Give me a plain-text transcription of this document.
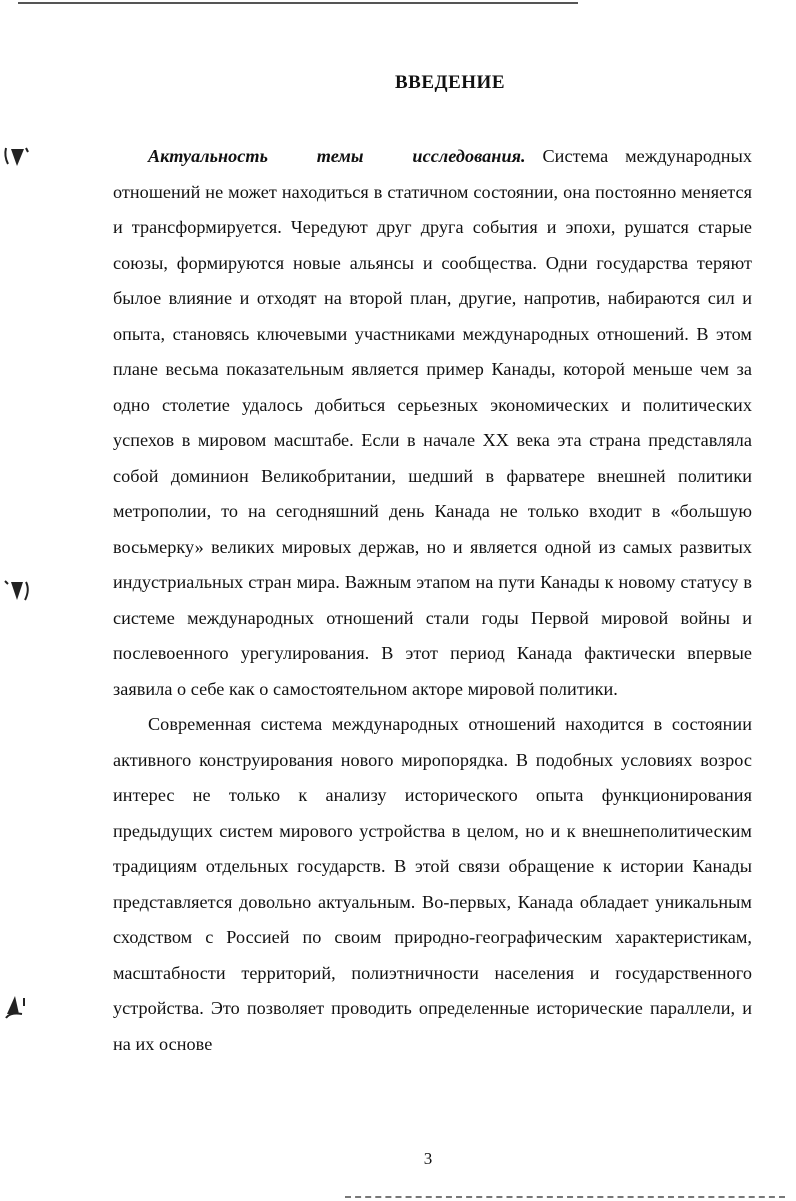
ВВЕДЕНИЕ

Актуальность темы исследования. Система международных отношений не может находиться в статичном состоянии, она постоянно меняется и трансформируется. Чередуют друг друга события и эпохи, рушатся старые союзы, формируются новые альянсы и сообщества. Одни государства теряют былое влияние и отходят на второй план, другие, напротив, набираются сил и опыта, становясь ключевыми участниками международных отношений. В этом плане весьма показательным является пример Канады, которой меньше чем за одно столетие удалось добиться серьезных экономических и политических успехов в мировом масштабе. Если в начале XX века эта страна представляла собой доминион Великобритании, шедший в фарватере внешней политики метрополии, то на сегодняшний день Канада не только входит в «большую восьмерку» великих мировых держав, но и является одной из самых развитых индустриальных стран мира. Важным этапом на пути Канады к новому статусу в системе международных отношений стали годы Первой мировой войны и послевоенного урегулирования. В этот период Канада фактически впервые заявила о себе как о самостоятельном акторе мировой политики.

Современная система международных отношений находится в состоянии активного конструирования нового миропорядка. В подобных условиях возрос интерес не только к анализу исторического опыта функционирования предыдущих систем мирового устройства в целом, но и к внешнеполитическим традициям отдельных государств. В этой связи обращение к истории Канады представляется довольно актуальным. Во-первых, Канада обладает уникальным сходством с Россией по своим природно-географическим характеристикам, масштабности территорий, полиэтничности населения и государственного устройства. Это позволяет проводить определенные исторические параллели, и на их основе

3
